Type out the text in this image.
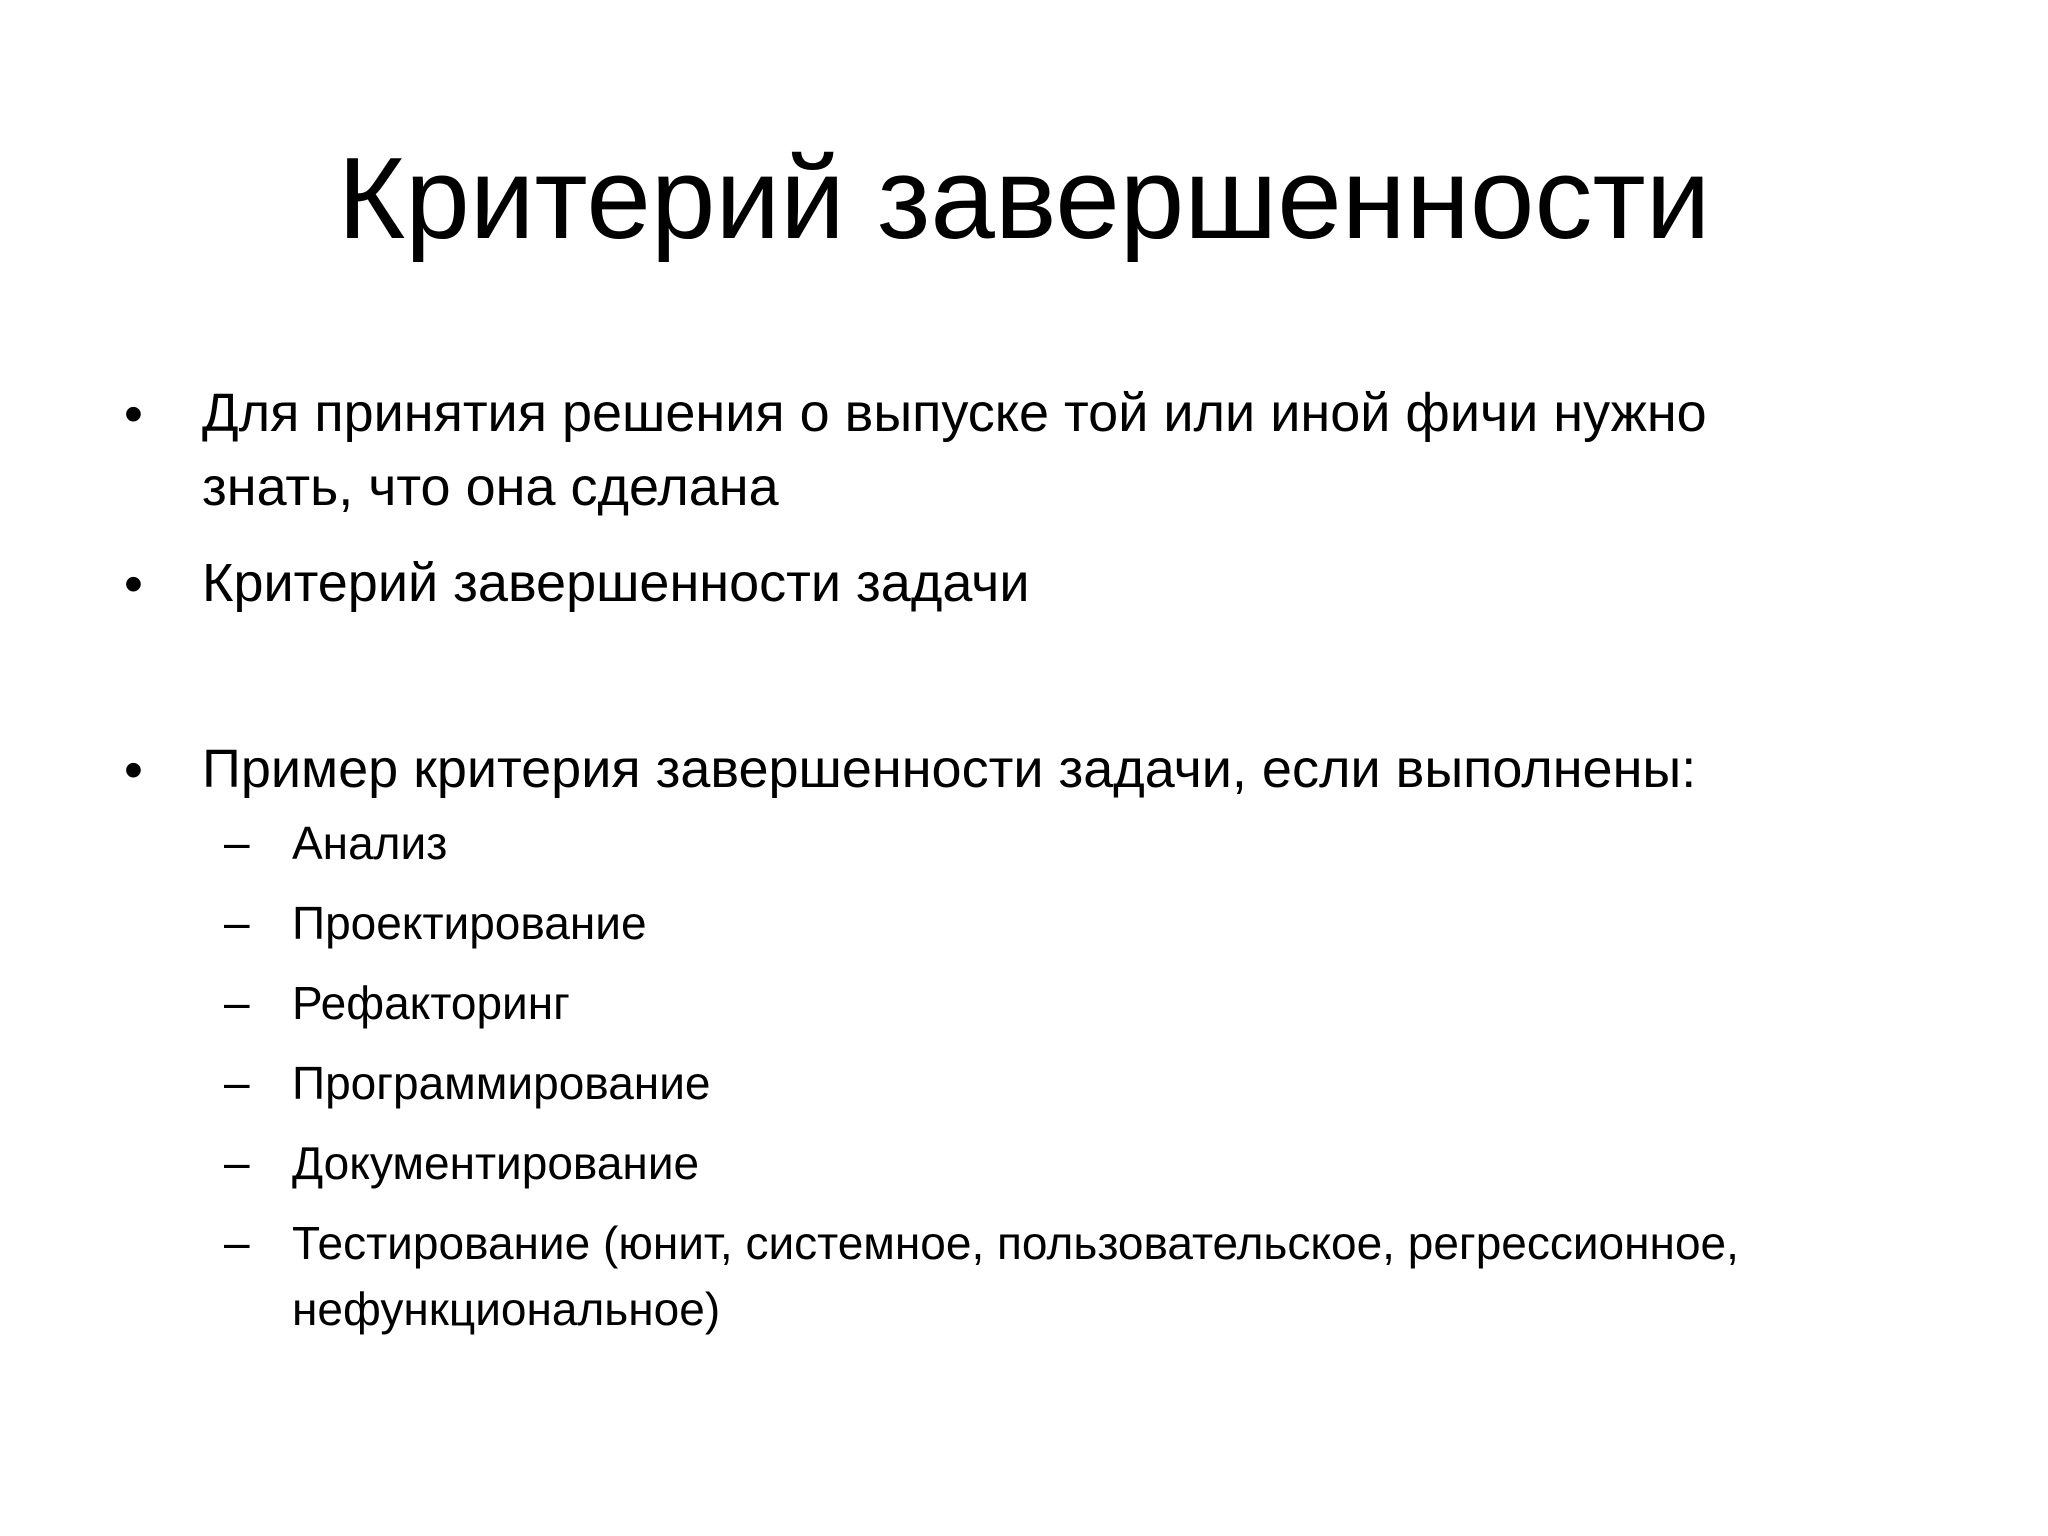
Критерий завершенности
• Для принятия решения о выпуске той или иной фичи нужно
знать, что она сделана
• Критерий завершенности задачи
• Пример критерия завершенности задачи, если выполнены:
– Анализ
– Проектирование
– Рефакторинг
– Программирование
– Документирование
– Тестирование (юнит, системное, пользовательское, регрессионное,
нефункциональное)
